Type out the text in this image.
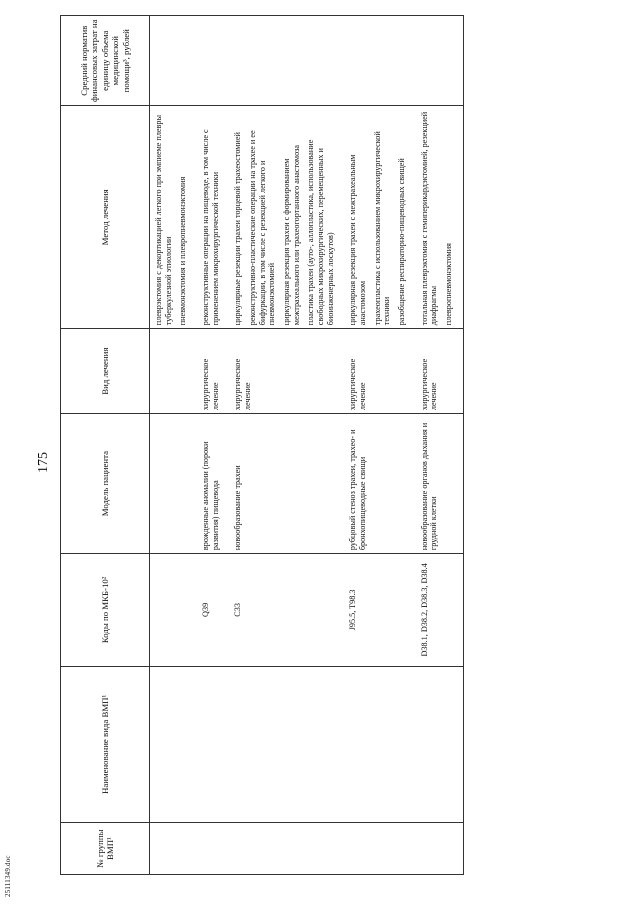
175
25111349.doc
№ группы ВМП¹	Наименование вида ВМП¹	Коды по МКБ-10²	Модель пациента	Вид лечения	Метод лечения	Средний норматив финансовых затрат на единицу объема медицинской помощи³, рублей

					плеврэктомия с декортикацией легкого при эмпиеме плевры туберкулезной этиологии пневмонэктомия и плевропневмонэктомия	

		Q39	врожденные аномалии (пороки развития) пищевода	хирургическое лечение	реконструктивные операции на пищеводе, в том числе с применением микрохирургической техники	

		C33	новообразование трахеи	хирургическое лечение	циркулярные резекции трахеи торцевой трахеостомией реконструктивно-пластические операции на трахее и ее бифуркации, в том числе с резекцией легкого и пневмонэктомией циркулярная резекция трахеи с формированием межтрахеального или трахеогортанного анастомоза пластика трахеи (ауто-, аллопластика, использование свободных микрохирургических, перемещенных и биоинженерных лоскутов)	

		J95.5, T98.3	рубцовый стеноз трахеи, трахео- и бронхопищеводные свищи	хирургическое лечение	циркулярная резекция трахеи с межтрахеальным анастомозом трахеопластика с использованием микрохирургической техники разобщение респираторно-пищеводных свищей	

		D38.1, D38.2, D38.3, D38.4	новообразование органов дыхания и грудной клетки	хирургическое лечение	тотальная плеврэктомия с гемиперикардэктомией, резекцией диафрагмы плевропневмонэктомия	
